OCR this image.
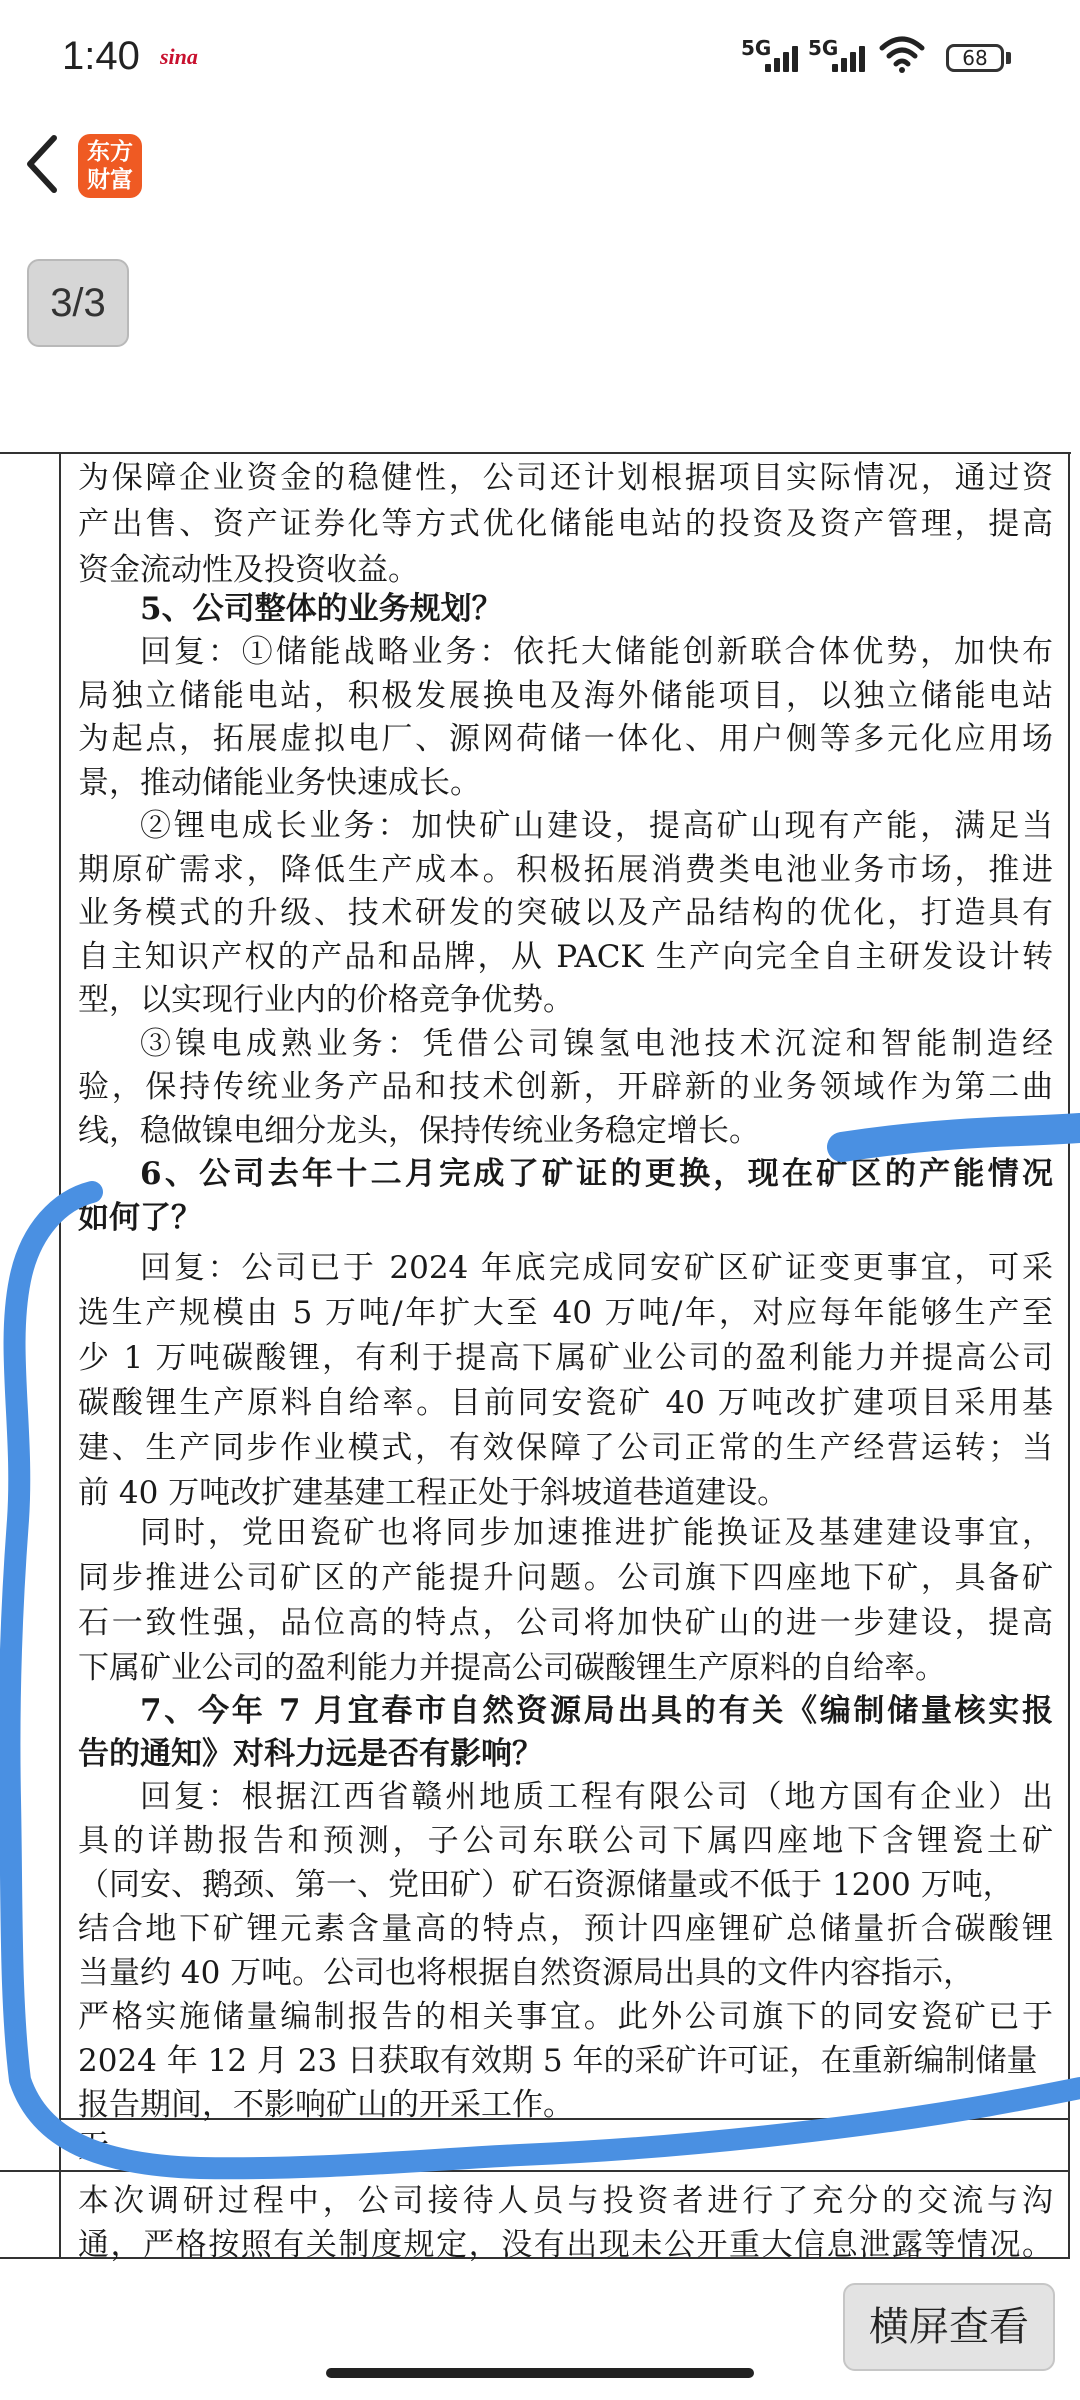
1:40 sina	5G 5G	68
东方
财富
3/3
为保障企业资金的稳健性，公司还计划根据项目实际情况，通过资
产出售、资产证券化等方式优化储能电站的投资及资产管理，提高
资金流动性及投资收益。
5、公司整体的业务规划？
回复：①储能战略业务：依托大储能创新联合体优势，加快布
局独立储能电站，积极发展换电及海外储能项目，以独立储能电站
为起点，拓展虚拟电厂、源网荷储一体化、用户侧等多元化应用场
景，推动储能业务快速成长。
②锂电成长业务：加快矿山建设，提高矿山现有产能，满足当
期原矿需求，降低生产成本。积极拓展消费类电池业务市场，推进
业务模式的升级、技术研发的突破以及产品结构的优化，打造具有
自主知识产权的产品和品牌，从 PACK 生产向完全自主研发设计转
型，以实现行业内的价格竞争优势。
③镍电成熟业务：凭借公司镍氢电池技术沉淀和智能制造经
验，保持传统业务产品和技术创新，开辟新的业务领域作为第二曲
线，稳做镍电细分龙头，保持传统业务稳定增长。
6、公司去年十二月完成了矿证的更换，现在矿区的产能情况
如何了？
回复：公司已于 2024 年底完成同安矿区矿证变更事宜，可采
选生产规模由 5 万吨/年扩大至 40 万吨/年，对应每年能够生产至
少 1 万吨碳酸锂，有利于提高下属矿业公司的盈利能力并提高公司
碳酸锂生产原料自给率。目前同安瓷矿 40 万吨改扩建项目采用基
建、生产同步作业模式，有效保障了公司正常的生产经营运转；当
前 40 万吨改扩建基建工程正处于斜坡道巷道建设。
同时，党田瓷矿也将同步加速推进扩能换证及基建建设事宜，
同步推进公司矿区的产能提升问题。公司旗下四座地下矿，具备矿
石一致性强，品位高的特点，公司将加快矿山的进一步建设，提高
下属矿业公司的盈利能力并提高公司碳酸锂生产原料的自给率。
7、今年 7 月宜春市自然资源局出具的有关《编制储量核实报
告的通知》对科力远是否有影响？
回复：根据江西省赣州地质工程有限公司（地方国有企业）出
具的详勘报告和预测，子公司东联公司下属四座地下含锂瓷土矿
（同安、鹅颈、第一、党田矿）矿石资源储量或不低于 1200 万吨，
结合地下矿锂元素含量高的特点，预计四座锂矿总储量折合碳酸锂
当量约 40 万吨。公司也将根据自然资源局出具的文件内容指示，
严格实施储量编制报告的相关事宜。此外公司旗下的同安瓷矿已于
2024 年 12 月 23 日获取有效期 5 年的采矿许可证，在重新编制储量
报告期间，不影响矿山的开采工作。
无
本次调研过程中，公司接待人员与投资者进行了充分的交流与沟
通，严格按照有关制度规定，没有出现未公开重大信息泄露等情况。
横屏查看
